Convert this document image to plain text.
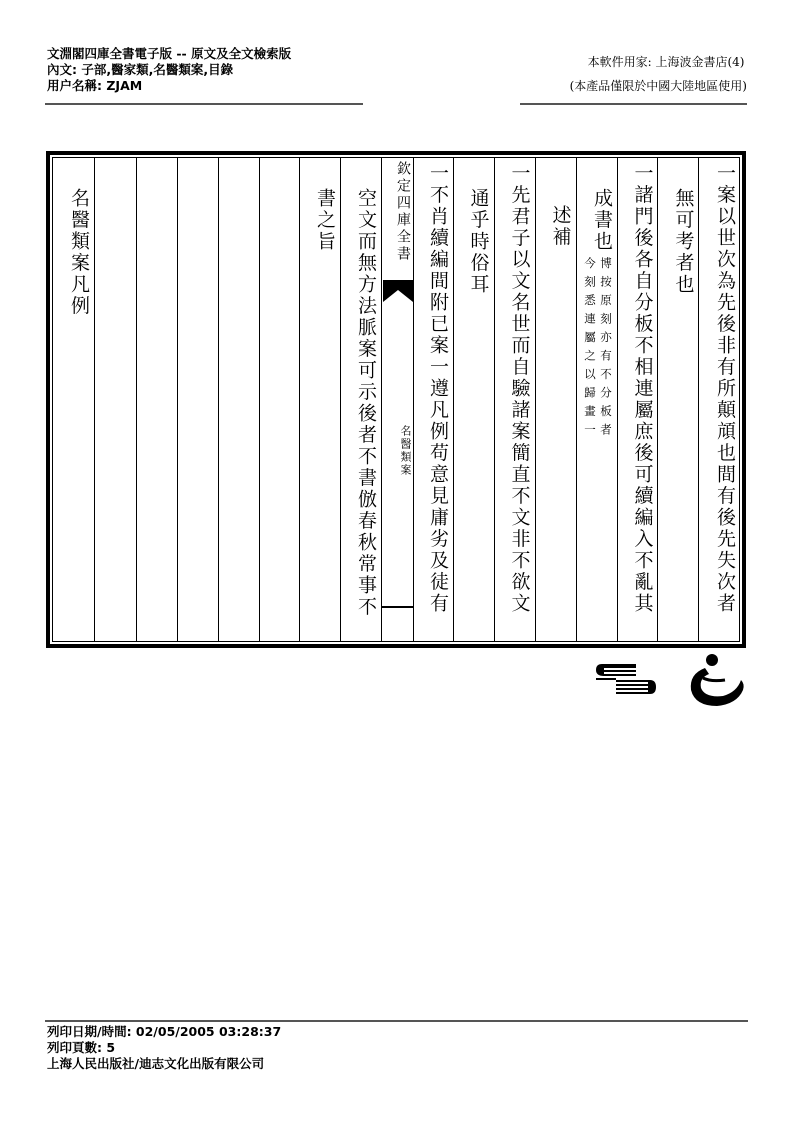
文淵閣四庫全書電子版 -- 原文及全文檢索版
內文: 子部,醫家類,名醫類案,目錄
用户名稱: ZJAM
本軟件用家: 上海波金書店(4)
(本產品僅限於中國大陸地區使用)
一案以世次為先後非有所顛頏也間有後先失次者
無可考者也
一諸門後各自分板不相連屬庶後可續編入不亂其
成書也
博按原刻亦有不分板者
今刻悉連屬之以歸畫一
述補
一先君子以文名世而自驗諸案簡直不文非不欲文
通乎時俗耳
一不肖續編間附已案一遵凡例苟意見庸劣及徒有
欽定四庫全書
名醫類案
空文而無方法脈案可示後者不書倣春秋常事不
書之旨
名醫類案凡例
列印日期/時間: 02/05/2005 03:28:37
列印頁數: 5
上海人民出版社/迪志文化出版有限公司
